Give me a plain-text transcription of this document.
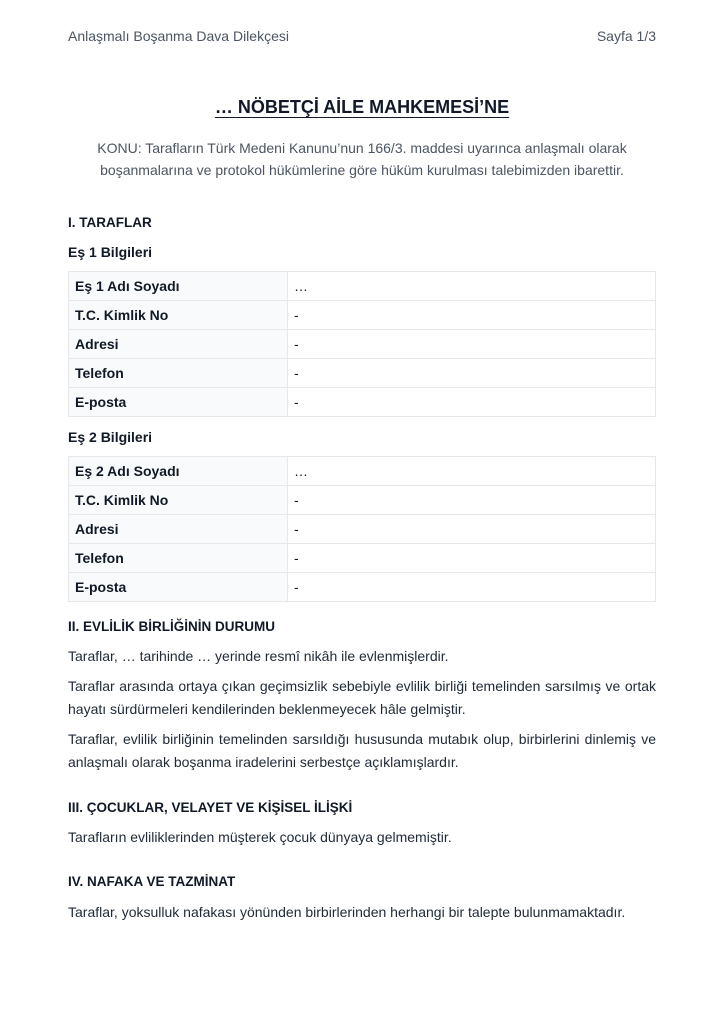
Anlaşmalı Boşanma Dava Dilekçesi	Sayfa 1/3
… NÖBETÇİ AİLE MAHKEMESİ’NE
KONU: Tarafların Türk Medeni Kanunu’nun 166/3. maddesi uyarınca anlaşmalı olarak boşanmalarına ve protokol hükümlerine göre hüküm kurulması talebimizden ibarettir.
I. TARAFLAR
Eş 1 Bilgileri
Eş 1 Adı Soyadı	…
T.C. Kimlik No	-
Adresi	-
Telefon	-
E-posta	-
Eş 2 Bilgileri
Eş 2 Adı Soyadı	…
T.C. Kimlik No	-
Adresi	-
Telefon	-
E-posta	-
II. EVLİLİK BİRLİĞİNİN DURUMU
Taraflar, … tarihinde … yerinde resmî nikâh ile evlenmişlerdir.
Taraflar arasında ortaya çıkan geçimsizlik sebebiyle evlilik birliği temelinden sarsılmış ve ortak hayatı sürdürmeleri kendilerinden beklenmeyecek hâle gelmiştir.
Taraflar, evlilik birliğinin temelinden sarsıldığı hususunda mutabık olup, birbirlerini dinlemiş ve anlaşmalı olarak boşanma iradelerini serbestçe açıklamışlardır.
III. ÇOCUKLAR, VELAYET VE KİŞİSEL İLİŞKİ
Tarafların evliliklerinden müşterek çocuk dünyaya gelmemiştir.
IV. NAFAKA VE TAZMİNAT
Taraflar, yoksulluk nafakası yönünden birbirlerinden herhangi bir talepte bulunmamaktadır.
